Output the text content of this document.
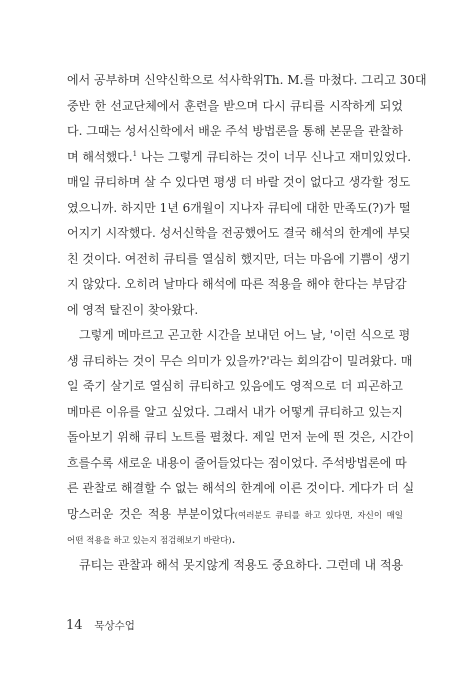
에서 공부하며 신약신학으로 석사학위Th. M.를 마쳤다. 그리고 30대
중반 한 선교단체에서 훈련을 받으며 다시 큐티를 시작하게 되었
다. 그때는 성서신학에서 배운 주석 방법론을 통해 본문을 관찰하
며 해석했다.$^1$ 나는 그렇게 큐티하는 것이 너무 신나고 재미있었다.
매일 큐티하며 살 수 있다면 평생 더 바랄 것이 없다고 생각할 정도
였으니까. 하지만 1년 6개월이 지나자 큐티에 대한 만족도(?)가 떨
어지기 시작했다. 성서신학을 전공했어도 결국 해석의 한계에 부딪
친 것이다. 여전히 큐티를 열심히 했지만, 더는 마음에 기쁨이 생기
지 않았다. 오히려 날마다 해석에 따른 적용을 해야 한다는 부담감
에 영적 탈진이 찾아왔다.
그렇게 메마르고 곤고한 시간을 보내던 어느 날, '이런 식으로 평
생 큐티하는 것이 무슨 의미가 있을까?'라는 회의감이 밀려왔다. 매
일 죽기 살기로 열심히 큐티하고 있음에도 영적으로 더 피곤하고
메마른 이유를 알고 싶었다. 그래서 내가 어떻게 큐티하고 있는지
돌아보기 위해 큐티 노트를 펼쳤다. 제일 먼저 눈에 띈 것은, 시간이
흐를수록 새로운 내용이 줄어들었다는 점이었다. 주석방법론에 따
른 관찰로 해결할 수 없는 해석의 한계에 이른 것이다. 게다가 더 실
망스러운 것은 적용 부분이었다(여러분도 큐티를 하고 있다면, 자신이 매일
어떤 적용을 하고 있는지 점검해보기 바란다).
큐티는 관찰과 해석 못지않게 적용도 중요하다. 그런데 내 적용
14 묵상수업
